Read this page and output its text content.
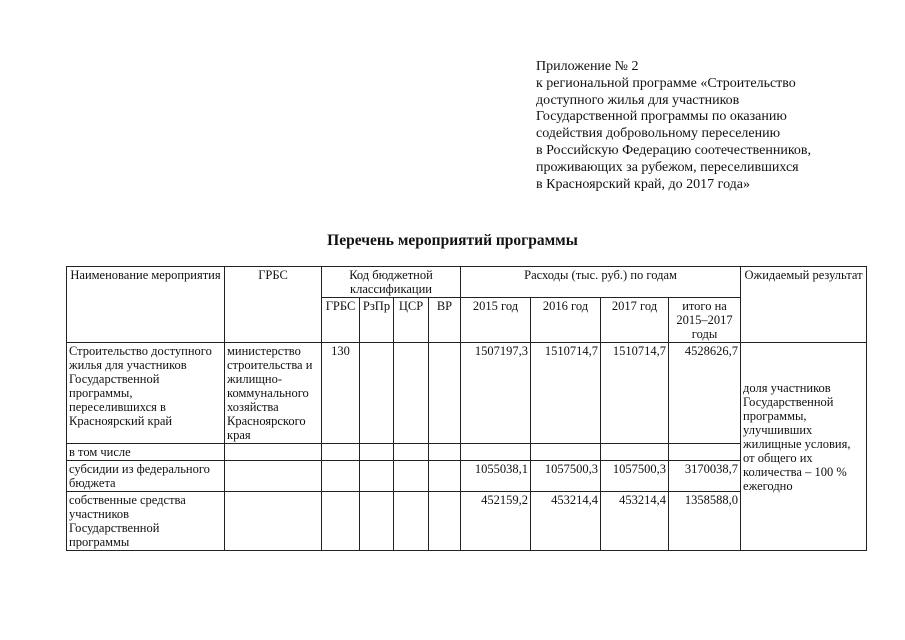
Приложение № 2
к региональной программе «Строительство
доступного жилья для участников
Государственной программы по оказанию
содействия добровольному переселению
в Российскую Федерацию соотечественников,
проживающих за рубежом, переселившихся
в Красноярский край, до 2017 года»
Перечень мероприятий программы
Наименование мероприятия	ГРБС	Код бюджетной классификации				Расходы (тыс. руб.) по годам				Ожидаемый результат
		ГРБС	РзПр	ЦСР	ВР	2015 год	2016 год	2017 год	итого на 2015–2017 годы	
Строительство доступного жилья для участников Государственной программы, переселившихся в Красноярский край	министерство строительства и жилищно-коммунального хозяйства Красноярского края	130				1507197,3	1510714,7	1510714,7	4528626,7	доля участников Государственной программы, улучшивших жилищные условия, от общего их количества – 100 % ежегодно

в том числе										
субсидии из федерального бюджета						1055038,1	1057500,3	1057500,3	3170038,7	
собственные средства участников Государственной программы						452159,2	453214,4	453214,4	1358588,0	
